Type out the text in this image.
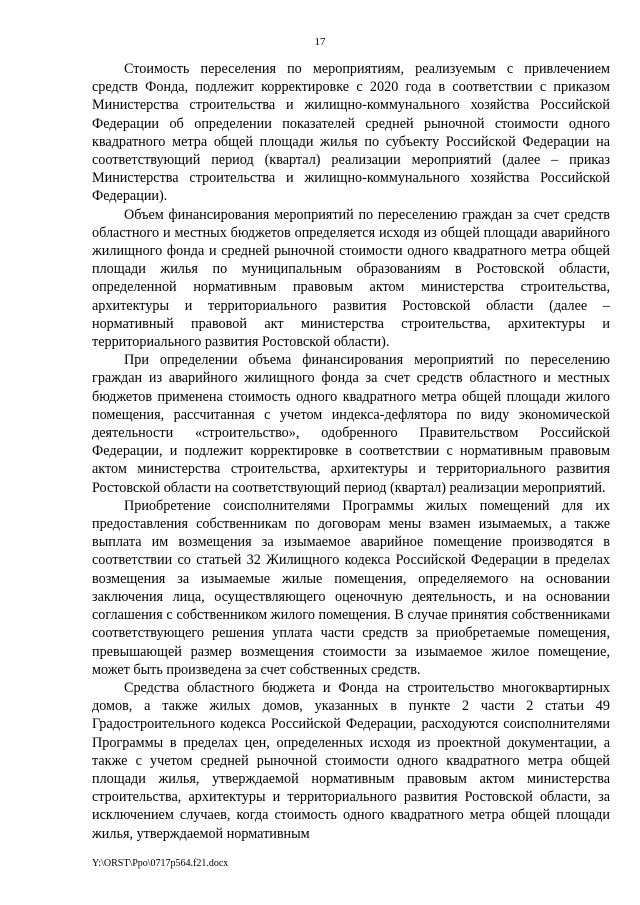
17

Стоимость переселения по мероприятиям, реализуемым с привлечением средств Фонда, подлежит корректировке с 2020 года в соответствии с приказом Министерства строительства и жилищно-коммунального хозяйства Российской Федерации об определении показателей средней рыночной стоимости одного квадратного метра общей площади жилья по субъекту Российской Федерации на соответствующий период (квартал) реализации мероприятий (далее – приказ Министерства строительства и жилищно-коммунального хозяйства Российской Федерации).

Объем финансирования мероприятий по переселению граждан за счет средств областного и местных бюджетов определяется исходя из общей площади аварийного жилищного фонда и средней рыночной стоимости одного квадратного метра общей площади жилья по муниципальным образованиям в Ростовской области, определенной нормативным правовым актом министерства строительства, архитектуры и территориального развития Ростовской области (далее – нормативный правовой акт министерства строительства, архитектуры и территориального развития Ростовской области).

При определении объема финансирования мероприятий по переселению граждан из аварийного жилищного фонда за счет средств областного и местных бюджетов применена стоимость одного квадратного метра общей площади жилого помещения, рассчитанная с учетом индекса-дефлятора по виду экономической деятельности «строительство», одобренного Правительством Российской Федерации, и подлежит корректировке в соответствии с нормативным правовым актом министерства строительства, архитектуры и территориального развития Ростовской области на соответствующий период (квартал) реализации мероприятий.

Приобретение соисполнителями Программы жилых помещений для их предоставления собственникам по договорам мены взамен изымаемых, а также выплата им возмещения за изымаемое аварийное помещение производятся в соответствии со статьей 32 Жилищного кодекса Российской Федерации в пределах возмещения за изымаемые жилые помещения, определяемого на основании заключения лица, осуществляющего оценочную деятельность, и на основании соглашения с собственником жилого помещения. В случае принятия собственниками соответствующего решения уплата части средств за приобретаемые помещения, превышающей размер возмещения стоимости за изымаемое жилое помещение, может быть произведена за счет собственных средств.

Средства областного бюджета и Фонда на строительство многоквартирных домов, а также жилых домов, указанных в пункте 2 части 2 статьи 49 Градостроительного кодекса Российской Федерации, расходуются соисполнителями Программы в пределах цен, определенных исходя из проектной документации, а также с учетом средней рыночной стоимости одного квадратного метра общей площади жилья, утверждаемой нормативным правовым актом министерства строительства, архитектуры и территориального развития Ростовской области, за исключением случаев, когда стоимость одного квадратного метра общей площади жилья, утверждаемой нормативным

Y:\ORST\Ppo\0717p564.f21.docx
